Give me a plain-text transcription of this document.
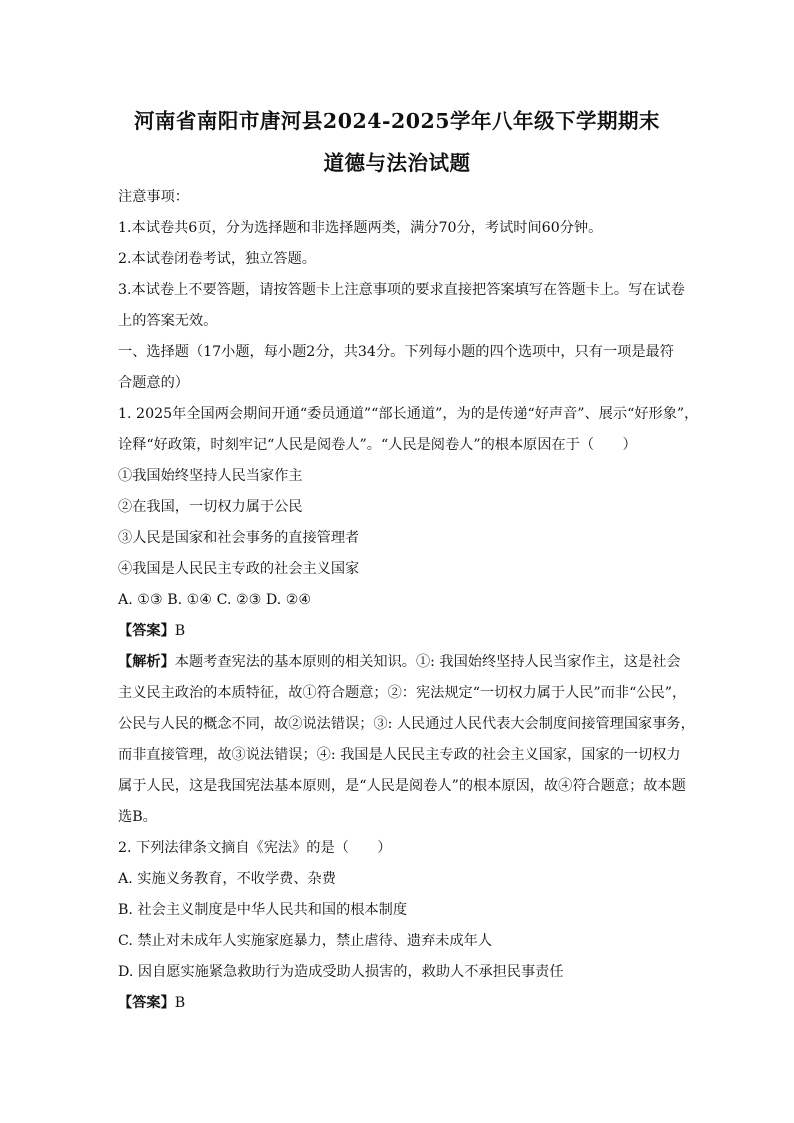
河南省南阳市唐河县2024-2025学年八年级下学期期末
道德与法治试题
注意事项：
1.本试卷共6页，分为选择题和非选择题两类，满分70分，考试时间60分钟。
2.本试卷闭卷考试，独立答题。
3.本试卷上不要答题，请按答题卡上注意事项的要求直接把答案填写在答题卡上。写在试卷
上的答案无效。
一、选择题（17小题，每小题2分，共34分。下列每小题的四个选项中，只有一项是最符
合题意的）
1. 2025年全国两会期间开通“委员通道”“部长通道”，为的是传递“好声音”、展示“好形象”，
诠释“好政策，时刻牢记“人民是阅卷人”。“人民是阅卷人”的根本原因在于（　　）
①我国始终坚持人民当家作主
②在我国，一切权力属于公民
③人民是国家和社会事务的直接管理者
④我国是人民民主专政的社会主义国家
A. ①③ B. ①④ C. ②③ D. ②④
【答案】B
【解析】本题考查宪法的基本原则的相关知识。①: 我国始终坚持人民当家作主，这是社会
主义民主政治的本质特征，故①符合题意；②：宪法规定“一切权力属于人民”而非“公民”，
公民与人民的概念不同，故②说法错误；③: 人民通过人民代表大会制度间接管理国家事务，
而非直接管理，故③说法错误；④: 我国是人民民主专政的社会主义国家，国家的一切权力
属于人民，这是我国宪法基本原则，是“人民是阅卷人”的根本原因，故④符合题意；故本题
选B。
2. 下列法律条文摘自《宪法》的是（　　）
A. 实施义务教育，不收学费、杂费
B. 社会主义制度是中华人民共和国的根本制度
C. 禁止对未成年人实施家庭暴力，禁止虐待、遗弃未成年人
D. 因自愿实施紧急救助行为造成受助人损害的，救助人不承担民事责任
【答案】B
